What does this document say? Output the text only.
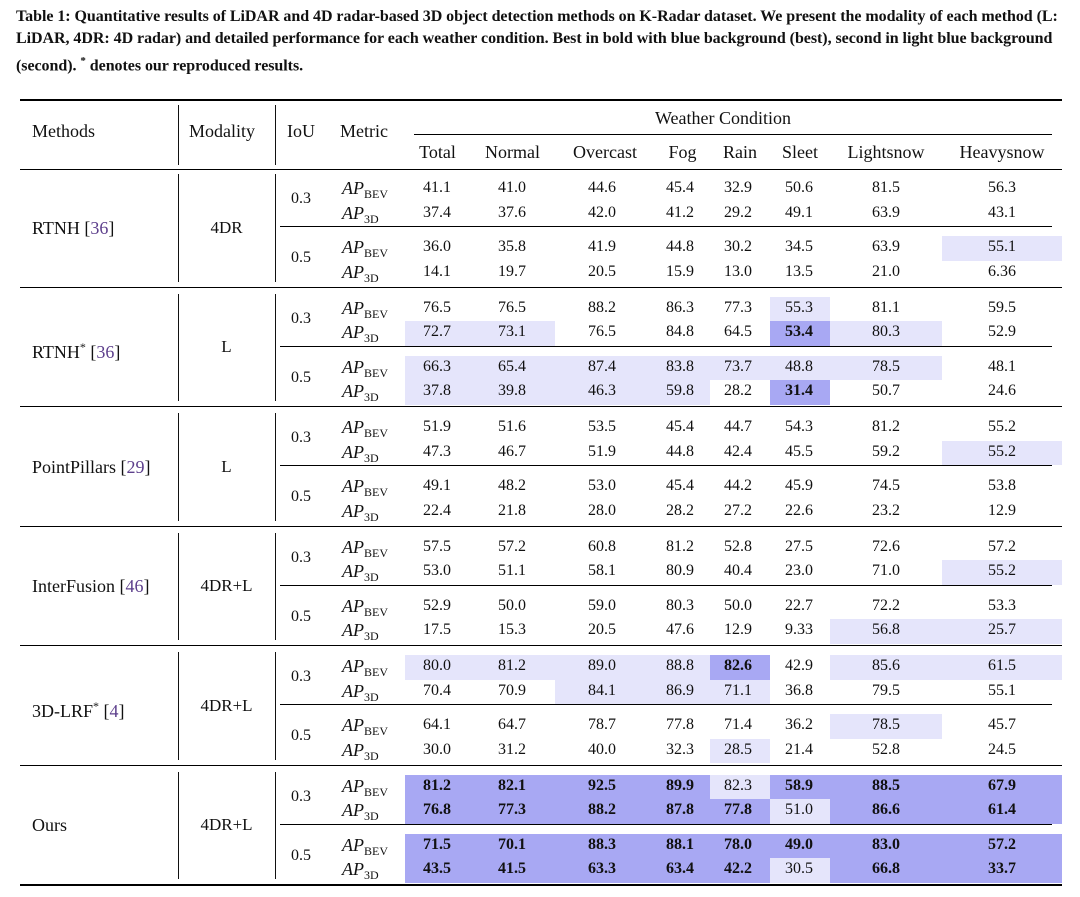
Table 1: Quantitative results of LiDAR and 4D radar-based 3D object detection methods on K-Radar dataset. We present the modality of each method (L: LiDAR, 4DR: 4D radar) and detailed performance for each weather condition. Best in bold with blue background (best), second in light blue background (second). * denotes our reproduced results.
Methods	Modality IoU Metric
Weather Condition
Total	Normal	Overcast	Fog	Rain	Sleet	Lightsnow	Heavysnow
RTNH [36]	4DR
0.3
$AP_{BEV}$	41.1	41.0	44.6	45.4	32.9	50.6	81.5	56.3
$AP_{3D}$	37.4	37.6	42.0	41.2	29.2	49.1	63.9	43.1
0.5
$AP_{BEV}$	36.0	35.8	41.9	44.8	30.2	34.5	63.9	55.1
$AP_{3D}$	14.1	19.7	20.5	15.9	13.0	13.5	21.0	6.36
RTNH* [36]	L
0.3
$AP_{BEV}$	76.5	76.5	88.2	86.3	77.3	55.3	81.1	59.5
$AP_{3D}$	72.7	73.1	76.5	84.8	64.5	53.4	80.3	52.9
0.5
$AP_{BEV}$	66.3	65.4	87.4	83.8	73.7	48.8	78.5	48.1
$AP_{3D}$	37.8	39.8	46.3	59.8	28.2	31.4	50.7	24.6
PointPillars [29]	L
0.3
$AP_{BEV}$	51.9	51.6	53.5	45.4	44.7	54.3	81.2	55.2
$AP_{3D}$	47.3	46.7	51.9	44.8	42.4	45.5	59.2	55.2
0.5
$AP_{BEV}$	49.1	48.2	53.0	45.4	44.2	45.9	74.5	53.8
$AP_{3D}$	22.4	21.8	28.0	28.2	27.2	22.6	23.2	12.9
InterFusion [46]	4DR+L
0.3
$AP_{BEV}$	57.5	57.2	60.8	81.2	52.8	27.5	72.6	57.2
$AP_{3D}$	53.0	51.1	58.1	80.9	40.4	23.0	71.0	55.2
0.5
$AP_{BEV}$	52.9	50.0	59.0	80.3	50.0	22.7	72.2	53.3
$AP_{3D}$	17.5	15.3	20.5	47.6	12.9	9.33	56.8	25.7
3D-LRF* [4]	4DR+L
0.3
$AP_{BEV}$	80.0	81.2	89.0	88.8	82.6	42.9	85.6	61.5
$AP_{3D}$	70.4	70.9	84.1	86.9	71.1	36.8	79.5	55.1
0.5
$AP_{BEV}$	64.1	64.7	78.7	77.8	71.4	36.2	78.5	45.7
$AP_{3D}$	30.0	31.2	40.0	32.3	28.5	21.4	52.8	24.5
Ours	4DR+L
0.3
$AP_{BEV}$	81.2	82.1	92.5	89.9	82.3	58.9	88.5	67.9
$AP_{3D}$	76.8	77.3	88.2	87.8	77.8	51.0	86.6	61.4
0.5
$AP_{BEV}$	71.5	70.1	88.3	88.1	78.0	49.0	83.0	57.2
$AP_{3D}$	43.5	41.5	63.3	63.4	42.2	30.5	66.8	33.7
